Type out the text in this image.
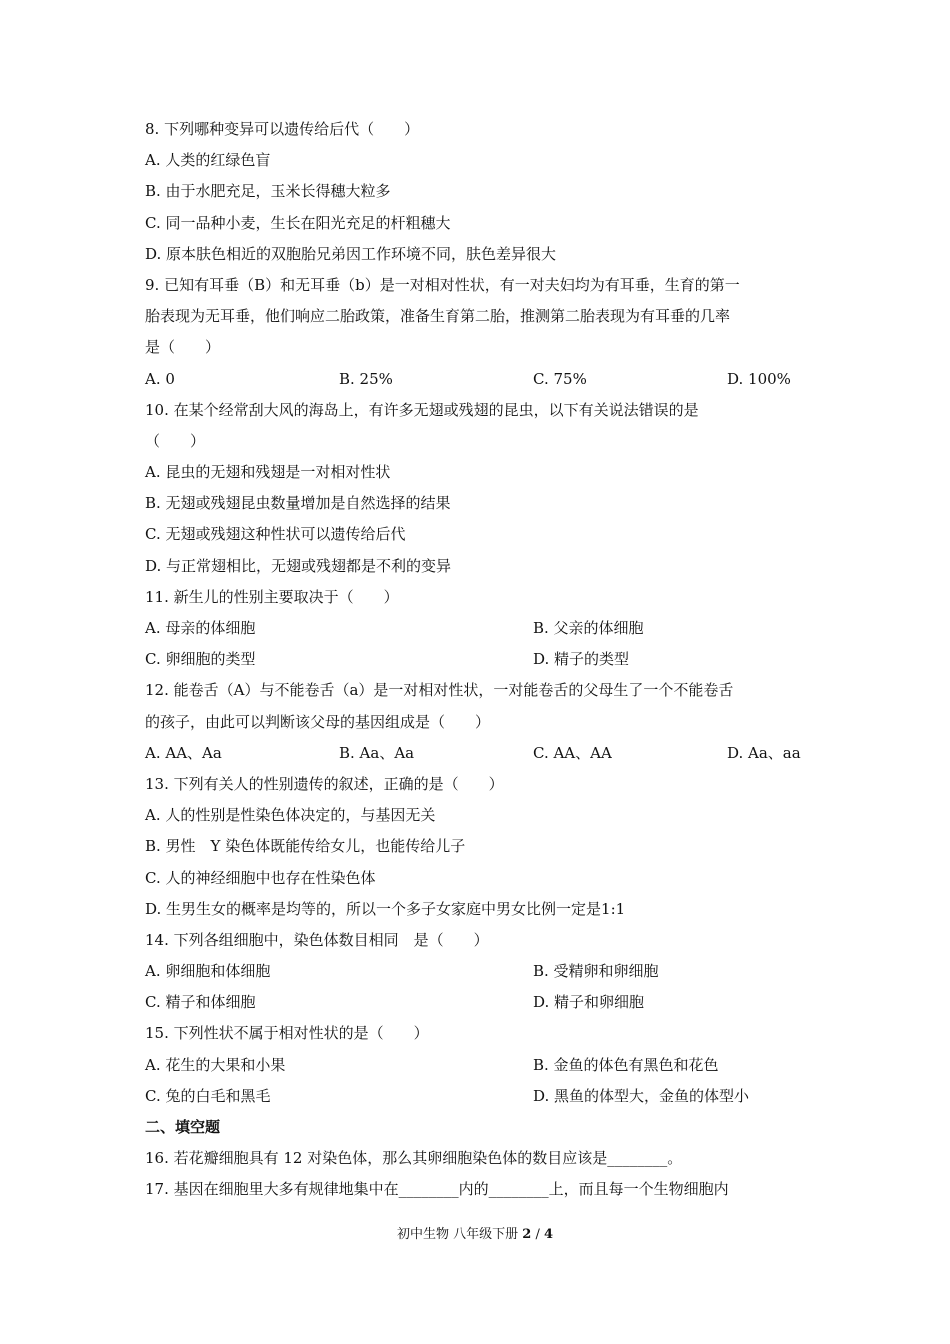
8. 下列哪种变异可以遗传给后代（　　）
A. 人类的红绿色盲
B. 由于水肥充足，玉米长得穗大粒多
C. 同一品种小麦，生长在阳光充足的杆粗穗大
D. 原本肤色相近的双胞胎兄弟因工作环境不同，肤色差异很大
9. 已知有耳垂（B）和无耳垂（b）是一对相对性状，有一对夫妇均为有耳垂，生育的第一
胎表现为无耳垂，他们响应二胎政策，准备生育第二胎，推测第二胎表现为有耳垂的几率
是（　　）
A. 0	B. 25%	C. 75%	D. 100%
10. 在某个经常刮大风的海岛上，有许多无翅或残翅的昆虫，以下有关说法错误的是
（　　）
A. 昆虫的无翅和残翅是一对相对性状
B. 无翅或残翅昆虫数量增加是自然选择的结果
C. 无翅或残翅这种性状可以遗传给后代
D. 与正常翅相比，无翅或残翅都是不利的变异
11. 新生儿的性别主要取决于（　　）
A. 母亲的体细胞	B. 父亲的体细胞
C. 卵细胞的类型	D. 精子的类型
12. 能卷舌（A）与不能卷舌（a）是一对相对性状，一对能卷舌的父母生了一个不能卷舌
的孩子，由此可以判断该父母的基因组成是（　　）
A. AA、Aa	B. Aa、Aa	C. AA、AA	D. Aa、aa
13. 下列有关人的性别遗传的叙述，正确的是（　　）
A. 人的性别是性染色体决定的，与基因无关
B. 男性　Y 染色体既能传给女儿，也能传给儿子
C. 人的神经细胞中也存在性染色体
D. 生男生女的概率是均等的，所以一个多子女家庭中男女比例一定是1:1
14. 下列各组细胞中，染色体数目相同　是（　　）
A. 卵细胞和体细胞	B. 受精卵和卵细胞
C. 精子和体细胞	D. 精子和卵细胞
15. 下列性状不属于相对性状的是（　　）
A. 花生的大果和小果	B. 金鱼的体色有黑色和花色
C. 兔的白毛和黑毛	D. 黑鱼的体型大，金鱼的体型小
二、填空题
16. 若花瓣细胞具有 12 对染色体，那么其卵细胞染色体的数目应该是________。
17. 基因在细胞里大多有规律地集中在________内的________上，而且每一个生物细胞内
初中生物 八年级下册 2 / 4
